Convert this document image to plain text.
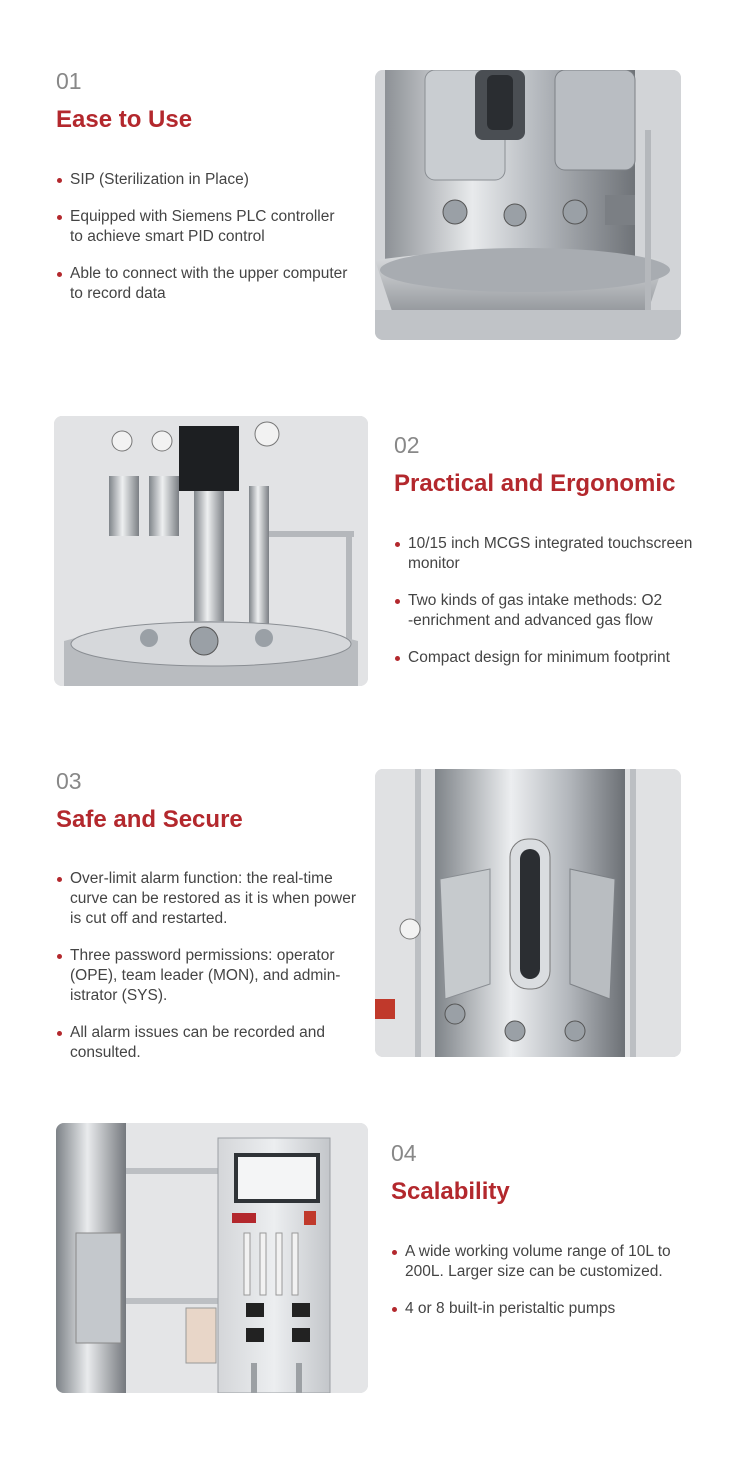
01
Ease to Use
SIP (Sterilization in Place)
Equipped with Siemens PLC controller
to achieve smart PID control
Able to connect with the upper computer
to record data
02
Practical and Ergonomic
10/15 inch MCGS integrated touchscreen
monitor
Two kinds of gas intake methods: O2
-enrichment and advanced gas flow
Compact design for minimum footprint
03
Safe and Secure
Over-limit alarm function: the real-time
curve can be restored as it is when power
is cut off and restarted.
Three password permissions: operator
(OPE), team leader (MON), and admin-
istrator (SYS).
All alarm issues can be recorded and
consulted.
04
Scalability
A wide working volume range of 10L to
200L. Larger size can be customized.
4 or 8 built-in peristaltic pumps
